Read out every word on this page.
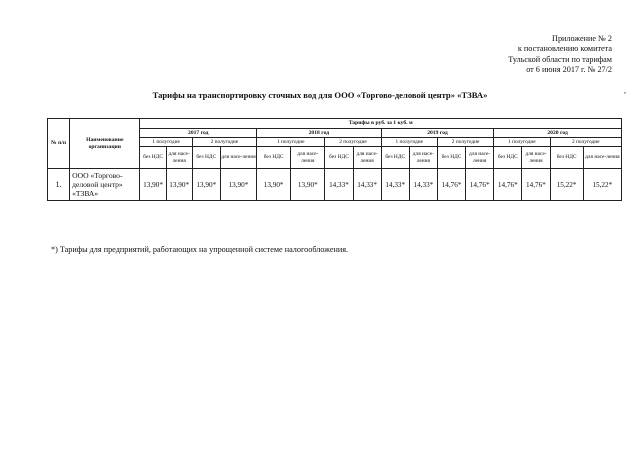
Приложение № 2
к постановлению комитета
Тульской области по тарифам
от 6 июня 2017 г. № 27/2
,
Тарифы на транспортировку сточных вод для ООО «Торгово-деловой центр» «ТЗВА»
№ п/п	Наименование организации	Тарифы в руб. за 1 куб. м															
		2017 год				2018 год				2019 год				2020 год			
		1 полугодие		2 полугодие		1 полугодие		2 полугодие		1 полугодие		2 полугодие		1 полугодие		2 полугодие	
		без НДС	для насе-ления	без НДС	для насе-ления	без НДС	для насе-ления	без НДС	для насе-ления	без НДС	для насе-ления	без НДС	для насе-ления	без НДС	для насе-ления	без НДС	для насе-ления
1.	ООО «Торгово-деловой центр» «ТЗВА»	13,90*	13,90*	13,90*	13,90*	13,90*	13,90*	14,33*	14,33*	14,33*	14,33*	14,76*	14,76*	14,76*	14,76*	15,22*	15,22*
*) Тарифы для предприятий, работающих на упрощенной системе налогообложения.
